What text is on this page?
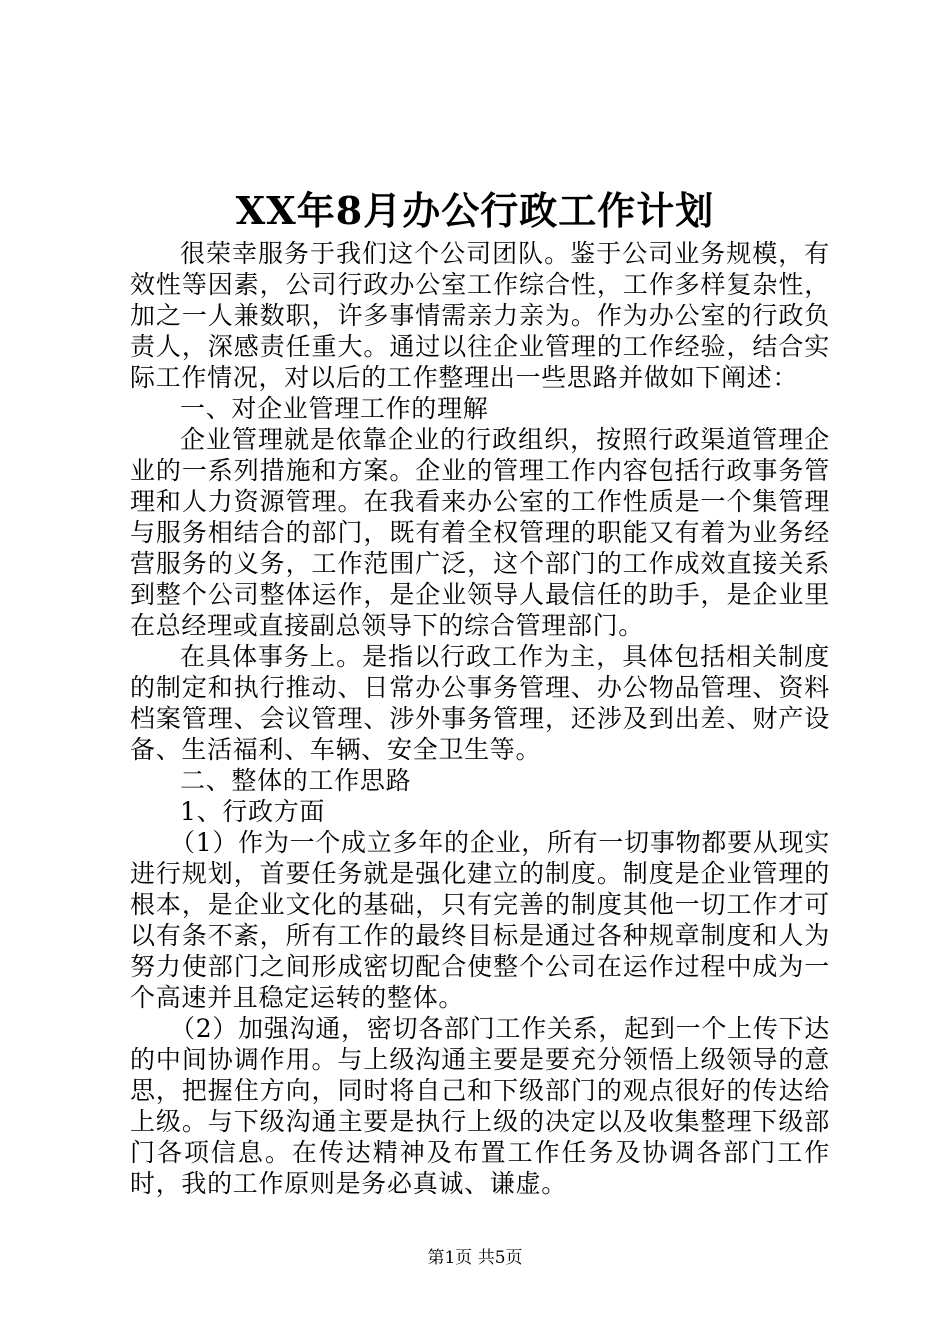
XX年8月办公行政工作计划

很荣幸服务于我们这个公司团队。鉴于公司业务规模，有效性等因素，公司行政办公室工作综合性，工作多样复杂性，加之一人兼数职，许多事情需亲力亲为。作为办公室的行政负责人，深感责任重大。通过以往企业管理的工作经验，结合实际工作情况，对以后的工作整理出一些思路并做如下阐述：

一、对企业管理工作的理解

企业管理就是依靠企业的行政组织，按照行政渠道管理企业的一系列措施和方案。企业的管理工作内容包括行政事务管理和人力资源管理。在我看来办公室的工作性质是一个集管理与服务相结合的部门，既有着全权管理的职能又有着为业务经营服务的义务，工作范围广泛，这个部门的工作成效直接关系到整个公司整体运作，是企业领导人最信任的助手，是企业里在总经理或直接副总领导下的综合管理部门。

在具体事务上。是指以行政工作为主，具体包括相关制度的制定和执行推动、日常办公事务管理、办公物品管理、资料档案管理、会议管理、涉外事务管理，还涉及到出差、财产设备、生活福利、车辆、安全卫生等。

二、整体的工作思路

1、行政方面

（1）作为一个成立多年的企业，所有一切事物都要从现实进行规划，首要任务就是强化建立的制度。制度是企业管理的根本，是企业文化的基础，只有完善的制度其他一切工作才可以有条不紊，所有工作的最终目标是通过各种规章制度和人为努力使部门之间形成密切配合使整个公司在运作过程中成为一个高速并且稳定运转的整体。

（2）加强沟通，密切各部门工作关系，起到一个上传下达的中间协调作用。与上级沟通主要是要充分领悟上级领导的意思，把握住方向，同时将自己和下级部门的观点很好的传达给上级。与下级沟通主要是执行上级的决定以及收集整理下级部门各项信息。在传达精神及布置工作任务及协调各部门工作时，我的工作原则是务必真诚、谦虚。

第1页 共5页
